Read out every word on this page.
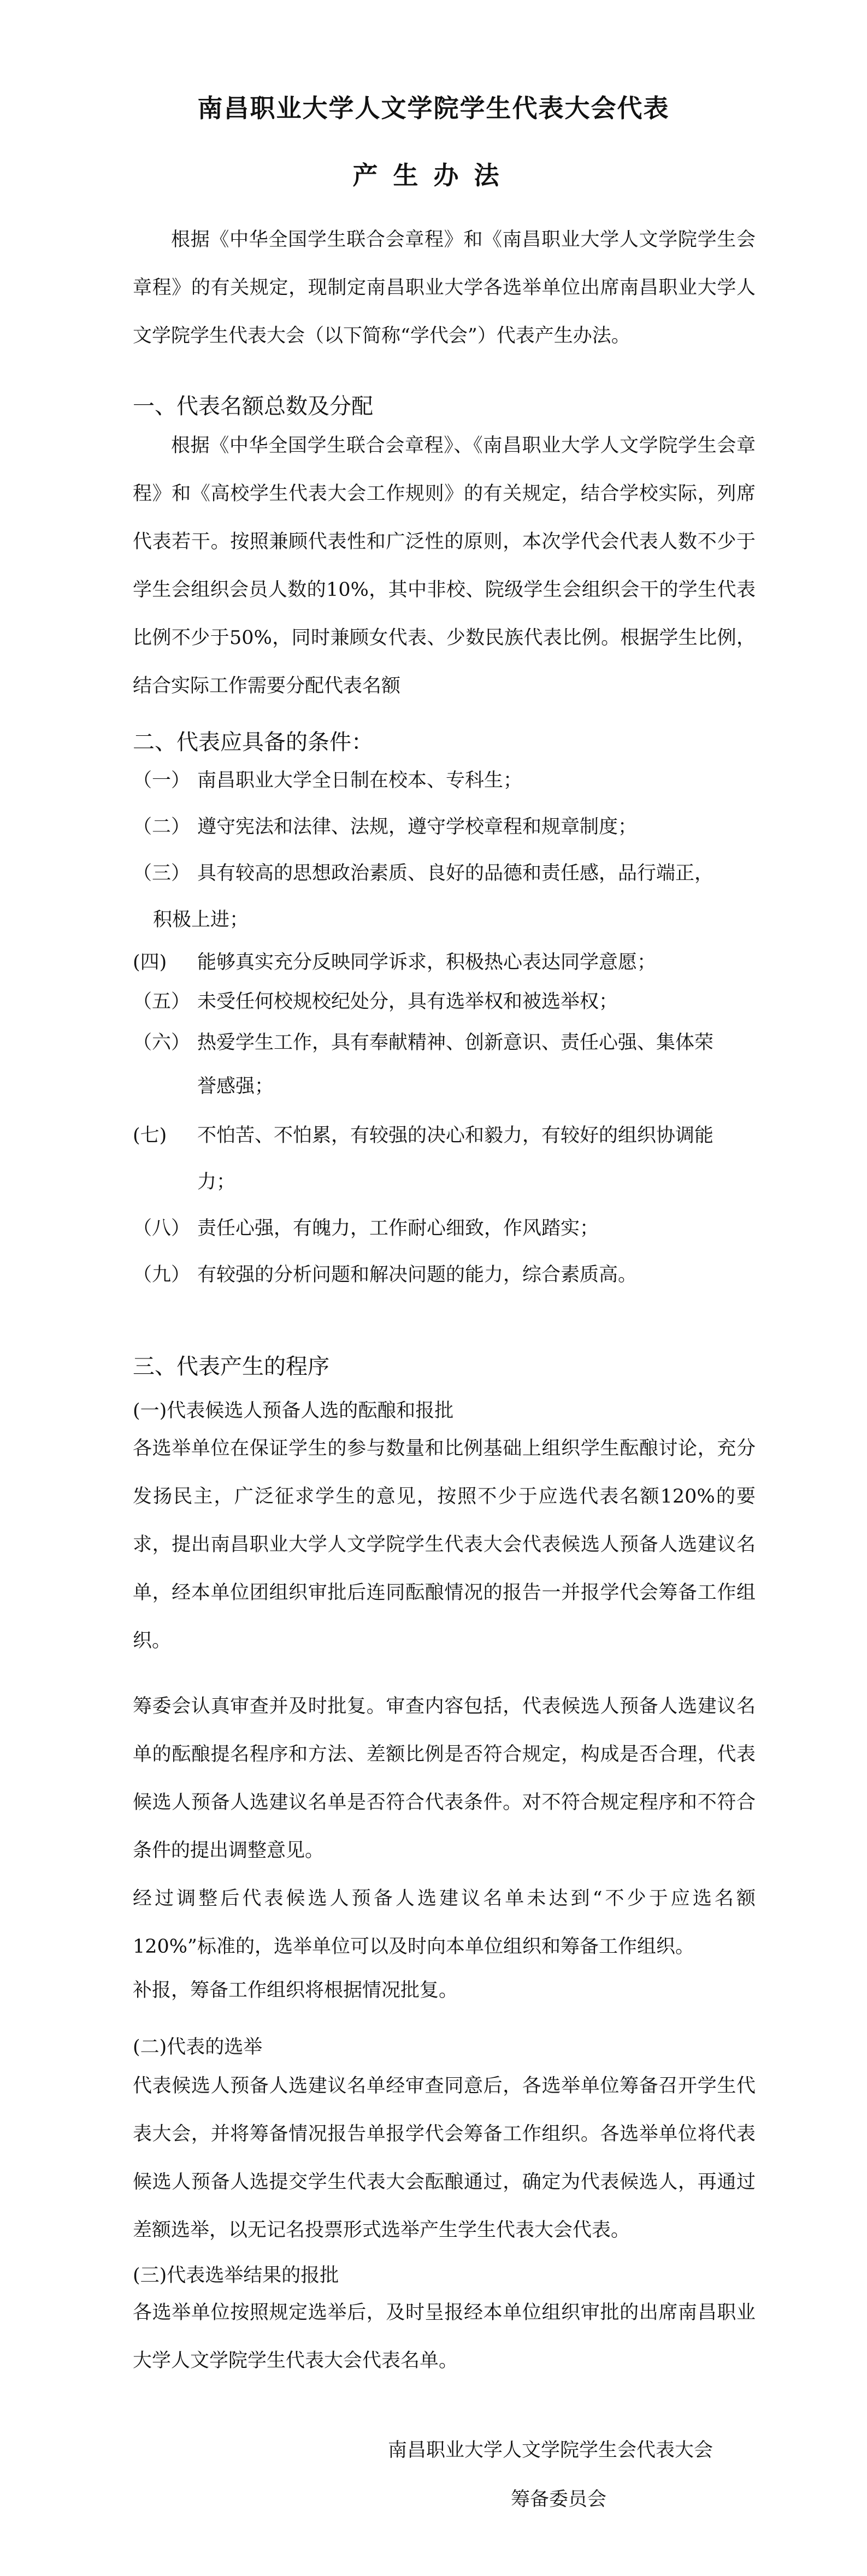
南昌职业大学人文学院学生代表大会代表
产生办法

根据《中华全国学生联合会章程》和《南昌职业大学人文学院学生会章程》的有关规定，现制定南昌职业大学各选举单位出席南昌职业大学人文学院学生代表大会（以下简称“学代会”）代表产生办法。

一、代表名额总数及分配

根据《中华全国学生联合会章程》、《南昌职业大学人文学院学生会章程》和《高校学生代表大会工作规则》的有关规定，结合学校实际，列席代表若干。按照兼顾代表性和广泛性的原则，本次学代会代表人数不少于学生会组织会员人数的10%，其中非校、院级学生会组织会干的学生代表比例不少于50%，同时兼顾女代表、少数民族代表比例。根据学生比例，结合实际工作需要分配代表名额

二、代表应具备的条件：

（一） 南昌职业大学全日制在校本、专科生；
（二） 遵守宪法和法律、法规，遵守学校章程和规章制度；
（三） 具有较高的思想政治素质、良好的品德和责任感，品行端正，
积极上进；
(四)	能够真实充分反映同学诉求，积极热心表达同学意愿；
（五） 未受任何校规校纪处分，具有选举权和被选举权；
（六） 热爱学生工作，具有奉献精神、创新意识、责任心强、集体荣
誉感强；
(七)	不怕苦、不怕累，有较强的决心和毅力，有较好的组织协调能
力；
（八） 责任心强，有魄力，工作耐心细致，作风踏实；
（九） 有较强的分析问题和解决问题的能力，综合素质高。

三、代表产生的程序

(一)代表候选人预备人选的酝酿和报批

各选举单位在保证学生的参与数量和比例基础上组织学生酝酿讨论，充分发扬民主，广泛征求学生的意见，按照不少于应选代表名额120%的要求，提出南昌职业大学人文学院学生代表大会代表候选人预备人选建议名单，经本单位团组织审批后连同酝酿情况的报告一并报学代会筹备工作组织。

筹委会认真审查并及时批复。审查内容包括，代表候选人预备人选建议名单的酝酿提名程序和方法、差额比例是否符合规定，构成是否合理，代表候选人预备人选建议名单是否符合代表条件。对不符合规定程序和不符合条件的提出调整意见。

经过调整后代表候选人预备人选建议名单未达到“不少于应选名额120%”标准的，选举单位可以及时向本单位组织和筹备工作组织。

补报，筹备工作组织将根据情况批复。

(二)代表的选举

代表候选人预备人选建议名单经审查同意后，各选举单位筹备召开学生代表大会，并将筹备情况报告单报学代会筹备工作组织。各选举单位将代表候选人预备人选提交学生代表大会酝酿通过，确定为代表候选人，再通过差额选举，以无记名投票形式选举产生学生代表大会代表。

(三)代表选举结果的报批

各选举单位按照规定选举后，及时呈报经本单位组织审批的出席南昌职业大学人文学院学生代表大会代表名单。

南昌职业大学人文学院学生会代表大会

筹备委员会
